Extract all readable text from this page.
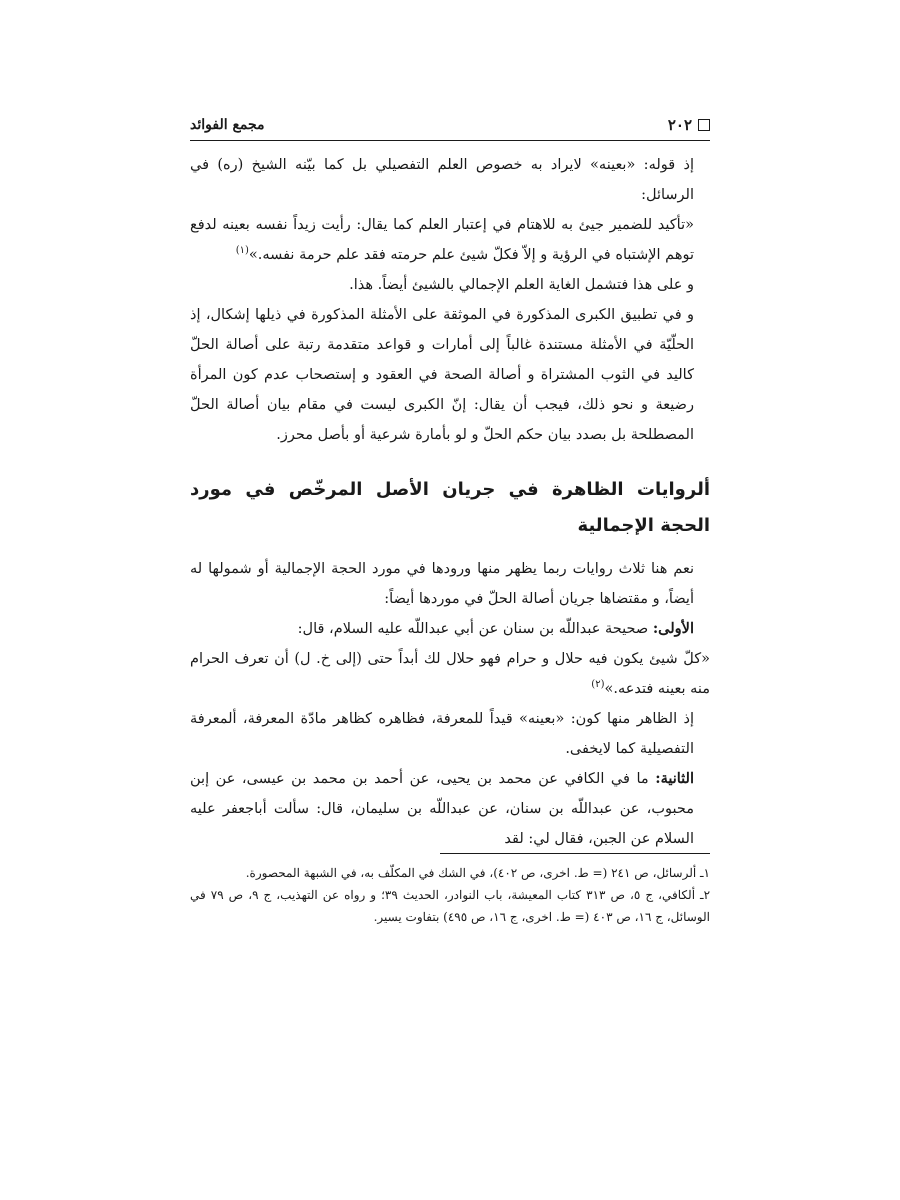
٢٠٢
مجمع الفوائد

إذ قوله: «بعينه» لايراد به خصوص العلم التفصيلي بل كما بيّنه الشيخ (ره) في الرسائل:

«تأكيد للضمير جيئ به للاهتام في إعتبار العلم كما يقال: رأيت زيداً نفسه بعينه لدفع توهم الإشتباه في الرؤية و إلاّ فكلّ شيئ علم حرمته فقد علم حرمة نفسه.»$^{(١)}$

و على هذا فتشمل الغاية العلم الإجمالي بالشيئ أيضاً. هذا.

و في تطبيق الكبرى المذكورة في الموثقة على الأمثلة المذكورة في ذيلها إشكال، إذ الحلّيّة في الأمثلة مستندة غالباً إلى أمارات و قواعد متقدمة رتبة على أصالة الحلّ كاليد في الثوب المشتراة و أصالة الصحة في العقود و إستصحاب عدم كون المرأة رضيعة و نحو ذلك، فيجب أن يقال: إنّ الكبرى ليست في مقام بيان أصالة الحلّ المصطلحة بل بصدد بيان حكم الحلّ و لو بأمارة شرعية أو بأصل محرز.

ألروايات الظاهرة في جريان الأصل المرخّص في مورد الحجة الإجمالية

نعم هنا ثلاث روايات ربما يظهر منها ورودها في مورد الحجة الإجمالية أو شمولها له أيضاً، و مقتضاها جريان أصالة الحلّ في موردها أيضاً:

الأولى: صحيحة عبداللّه بن سنان عن أبي عبداللّه عليه السلام، قال:

«كلّ شيئ يكون فيه حلال و حرام فهو حلال لك أبداً حتى (إلى خ. ل) أن تعرف الحرام منه بعينه فتدعه.»$^{(٢)}$

إذ الظاهر منها كون: «بعينه» قيداً للمعرفة، فظاهره كظاهر مادّة المعرفة، ألمعرفة التفصيلية كما لايخفى.

الثانية: ما في الكافي عن محمد بن يحيى، عن أحمد بن محمد بن عيسى، عن إبن محبوب، عن عبداللّه بن سنان، عن عبداللّه بن سليمان، قال: سألت أباجعفر عليه السلام عن الجبن، فقال لي: لقد

١ـ ألرسائل، ص ٢٤١ (= ط. اخرى، ص ٤٠٢)، في الشك في المكلّف به، في الشبهة المحصورة.

٢ـ ألكافي، ج ٥، ص ٣١٣ كتاب المعيشة، باب النوادر، الحديث ٣٩؛ و رواه عن التهذيب، ج ٩، ص ٧٩ في الوسائل، ج ١٦، ص ٤٠٣ (= ط. اخرى، ج ١٦، ص ٤٩٥) بتفاوت يسير.
